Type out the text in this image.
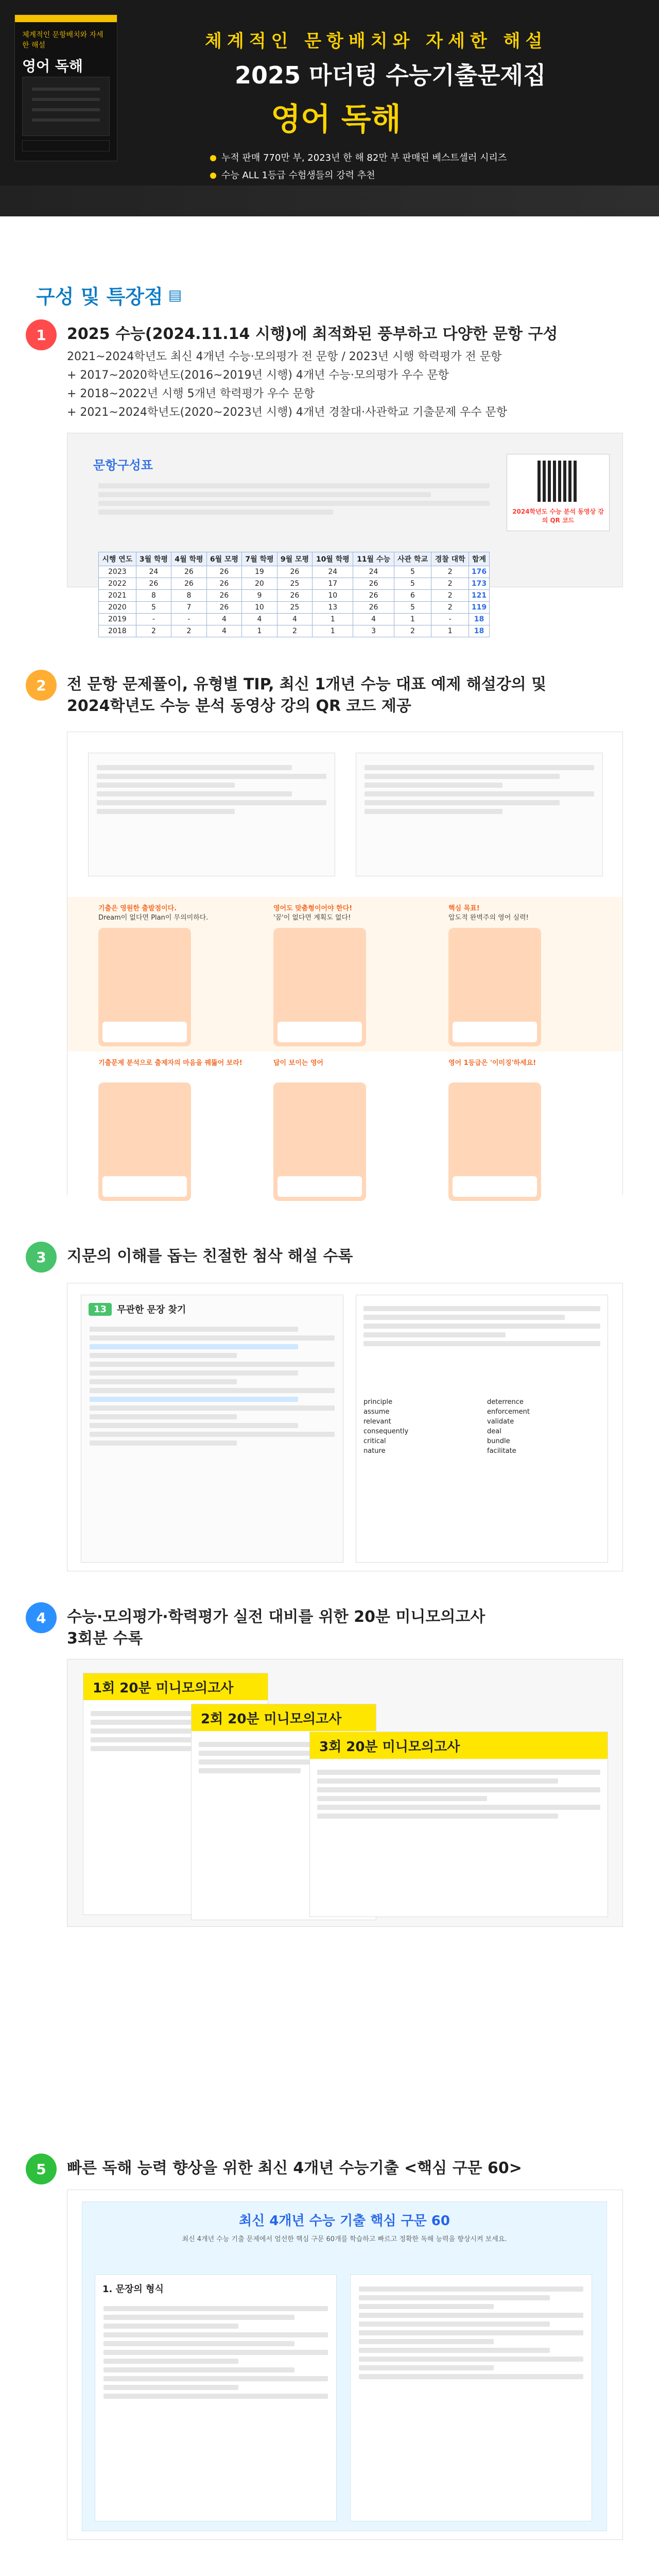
체계적인 문항배치와 자세한 해설
영어 독해
체계적인 문항배치와 자세한 해설
2025 마더텅 수능기출문제집
영어 독해
누적 판매 770만 부, 2023년 한 해 82만 부 판매된 베스트셀러 시리즈
수능 ALL 1등급 수험생들의 강력 추천
구성 및 특장점 ▤
1	2025 수능(2024.11.14 시행)에 최적화된 풍부하고 다양한 문항 구성
2021~2024학년도 최신 4개년 수능·모의평가 전 문항 / 2023년 시행 학력평가 전 문항
+ 2017~2020학년도(2016~2019년 시행) 4개년 수능·모의평가 우수 문항
+ 2018~2022년 시행 5개년 학력평가 우수 문항
+ 2021~2024학년도(2020~2023년 시행) 4개년 경찰대·사관학교 기출문제 우수 문항
문항구성표
2024학년도 수능 분석 동영상 강의 QR 코드
시행 연도	3월 학평	4월 학평	6월 모평	7월 학평	9월 모평	10월 학평	11월 수능	사관 학교	경찰 대학	합계
2023	24	26	26	19	26	24	24	5	2	176
2022	26	26	26	20	25	17	26	5	2	173
2021	8	8	26	9	26	10	26	6	2	121
2020	5	7	26	10	25	13	26	5	2	119
2019	-	-	4	4	4	1	4	1	-	18
2018	2	2	4	1	2	1	3	2	1	18
2	전 문항 문제풀이, 유형별 TIP, 최신 1개년 수능 대표 예제 해설강의 및
2024학년도 수능 분석 동영상 강의 QR 코드 제공
기출은 영원한 출발점이다.
Dream이 없다면 Plan이 무의미하다.
영어도 맞춤형이어야 한다!
'꿈'이 없다면 계획도 없다!
핵심 목표!
압도적 완벽주의 영어 실력!
기출문제 분석으로 출제자의 마음을 꿰뚫어 보라!	답이 보이는 영어	영어 1등급은 '이미징'하세요!
3	지문의 이해를 돕는 친절한 첨삭 해설 수록
13	무관한 문장 찾기
principle	deterrence
assume	enforcement
relevant	validate
consequently	deal
critical	bundle
nature	facilitate
4	수능·모의평가·학력평가 실전 대비를 위한 20분 미니모의고사
3회분 수록
1회 20분 미니모의고사
2회 20분 미니모의고사
3회 20분 미니모의고사
5	빠른 독해 능력 향상을 위한 최신 4개년 수능기출 <핵심 구문 60>
최신 4개년 수능 기출 핵심 구문 60
최신 4개년 수능 기출 문제에서 엄선한 핵심 구문 60개를 학습하고 빠르고 정확한 독해 능력을 향상시켜 보세요.
1. 문장의 형식
